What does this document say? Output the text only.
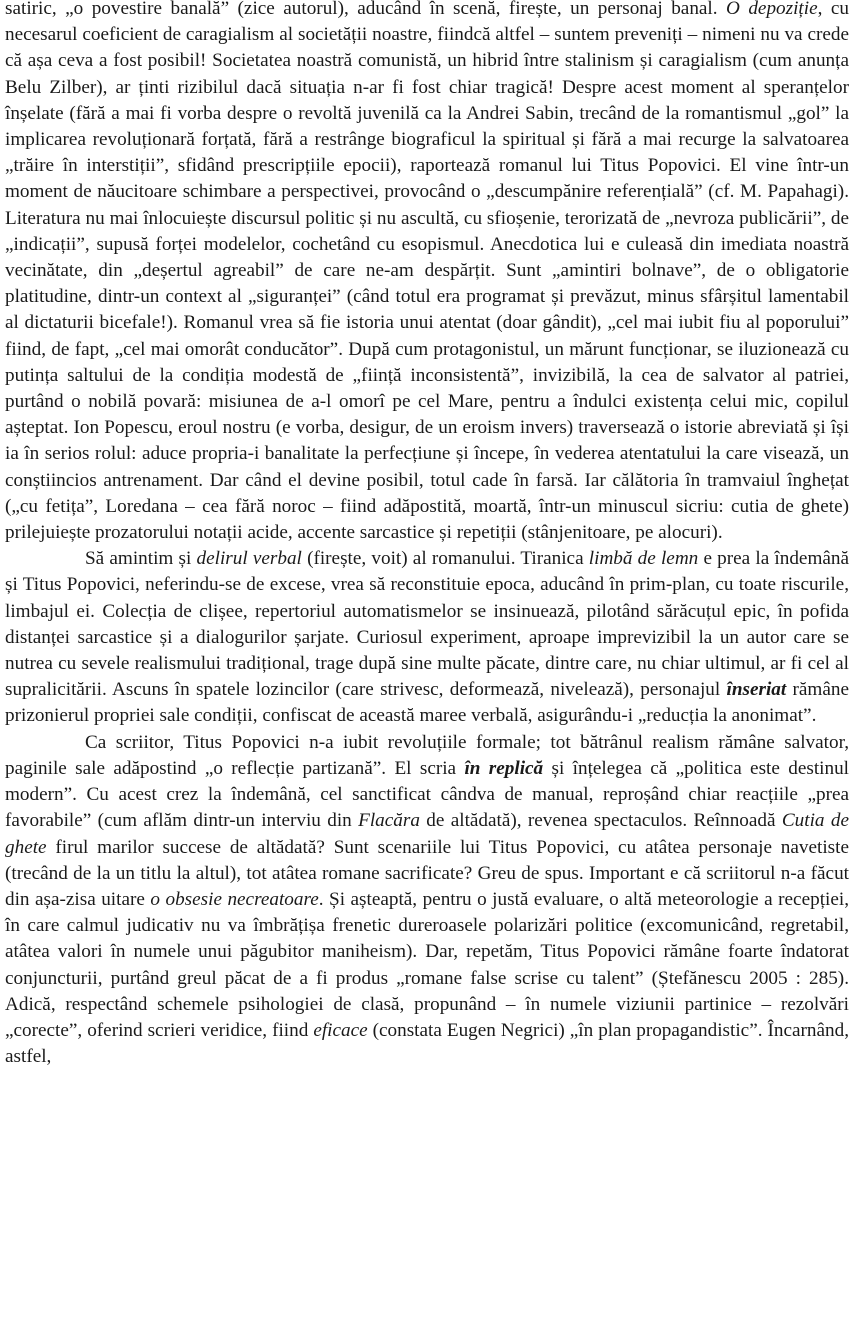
satiric, „o povestire banală” (zice autorul), aducând în scenă, firește, un personaj banal. O depoziție, cu necesarul coeficient de caragialism al societății noastre, fiindcă altfel – suntem preveniți – nimeni nu va crede că așa ceva a fost posibil! Societatea noastră comunistă, un hibrid între stalinism și caragialism (cum anunța Belu Zilber), ar ținti rizibilul dacă situația n-ar fi fost chiar tragică! Despre acest moment al speranțelor înșelate (fără a mai fi vorba despre o revoltă juvenilă ca la Andrei Sabin, trecând de la romantismul „gol” la implicarea revoluționară forțată, fără a restrânge biograficul la spiritual și fără a mai recurge la salvatoarea „trăire în interstiții”, sfidând prescripțiile epocii), raportează romanul lui Titus Popovici. El vine într-un moment de năucitoare schimbare a perspectivei, provocând o „descumpănire referențială” (cf. M. Papahagi). Literatura nu mai înlocuiește discursul politic și nu ascultă, cu sfioșenie, terorizată de „nevroza publicării”, de „indicații”, supusă forței modelelor, cochetând cu esopismul. Anecdotica lui e culeasă din imediata noastră vecinătate, din „deșertul agreabil” de care ne-am despărțit. Sunt „amintiri bolnave”, de o obligatorie platitudine, dintr-un context al „siguranței” (când totul era programat și prevăzut, minus sfârșitul lamentabil al dictaturii bicefale!). Romanul vrea să fie istoria unui atentat (doar gândit), „cel mai iubit fiu al poporului” fiind, de fapt, „cel mai omorât conducător”. După cum protagonistul, un mărunt funcționar, se iluzionează cu putința saltului de la condiția modestă de „ființă inconsistentă”, invizibilă, la cea de salvator al patriei, purtând o nobilă povară: misiunea de a-l omorî pe cel Mare, pentru a îndulci existența celui mic, copilul așteptat. Ion Popescu, eroul nostru (e vorba, desigur, de un eroism invers) traversează o istorie abreviată și își ia în serios rolul: aduce propria-i banalitate la perfecțiune și începe, în vederea atentatului la care visează, un conștiincios antrenament. Dar când el devine posibil, totul cade în farsă. Iar călătoria în tramvaiul înghețat („cu fetița”, Loredana – cea fără noroc – fiind adăpostită, moartă, într-un minuscul sicriu: cutia de ghete) prilejuiește prozatorului notații acide, accente sarcastice și repetiții (stânjenitoare, pe alocuri).

Să amintim și delirul verbal (firește, voit) al romanului. Tiranica limbă de lemn e prea la îndemână și Titus Popovici, neferindu-se de excese, vrea să reconstituie epoca, aducând în prim-plan, cu toate riscurile, limbajul ei. Colecția de clișee, repertoriul automatismelor se insinuează, pilotând sărăcuțul epic, în pofida distanței sarcastice și a dialogurilor șarjate. Curiosul experiment, aproape imprevizibil la un autor care se nutrea cu sevele realismului tradițional, trage după sine multe păcate, dintre care, nu chiar ultimul, ar fi cel al supralicitării. Ascuns în spatele lozincilor (care strivesc, deformează, nivelează), personajul înseriat rămâne prizonierul propriei sale condiții, confiscat de această maree verbală, asigurându-i „reducția la anonimat”.

Ca scriitor, Titus Popovici n-a iubit revoluțiile formale; tot bătrânul realism rămâne salvator, paginile sale adăpostind „o reflecție partizană”. El scria în replică și înțelegea că „politica este destinul modern”. Cu acest crez la îndemână, cel sanctificat cândva de manual, reproșând chiar reacțiile „prea favorabile” (cum aflăm dintr-un interviu din Flacăra de altădată), revenea spectaculos. Reînnoadă Cutia de ghete firul marilor succese de altădată? Sunt scenariile lui Titus Popovici, cu atâtea personaje navetiste (trecând de la un titlu la altul), tot atâtea romane sacrificate? Greu de spus. Important e că scriitorul n-a făcut din așa-zisa uitare o obsesie necreatoare. Și așteaptă, pentru o justă evaluare, o altă meteorologie a recepției, în care calmul judicativ nu va îmbrățișa frenetic dureroasele polarizări politice (excomunicând, regretabil, atâtea valori în numele unui păgubitor maniheism). Dar, repetăm, Titus Popovici rămâne foarte îndatorat conjuncturii, purtând greul păcat de a fi produs „romane false scrise cu talent” (Ștefănescu 2005 : 285). Adică, respectând schemele psihologiei de clasă, propunând – în numele viziunii partinice – rezolvări „corecte”, oferind scrieri veridice, fiind eficace (constata Eugen Negrici) „în plan propagandistic”. Încarnând, astfel,
